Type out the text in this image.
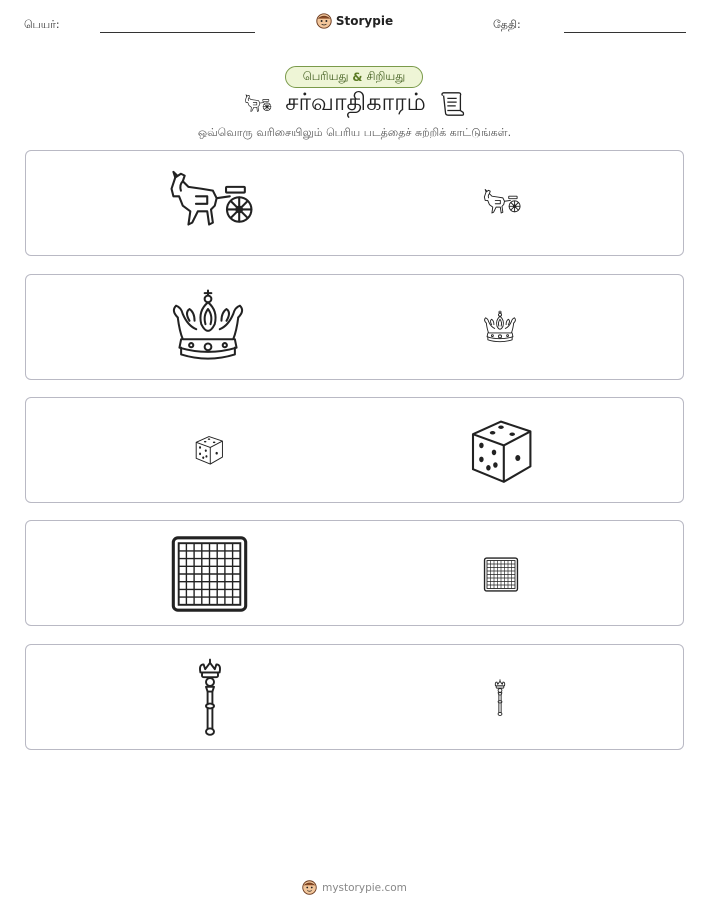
பெயர்:	Storypie	தேதி:
பெரியது & சிறியது
சர்வாதிகாரம்
ஒவ்வொரு வரிசையிலும் பெரிய படத்தைச் சுற்றிக் காட்டுங்கள்.
mystorypie.com
